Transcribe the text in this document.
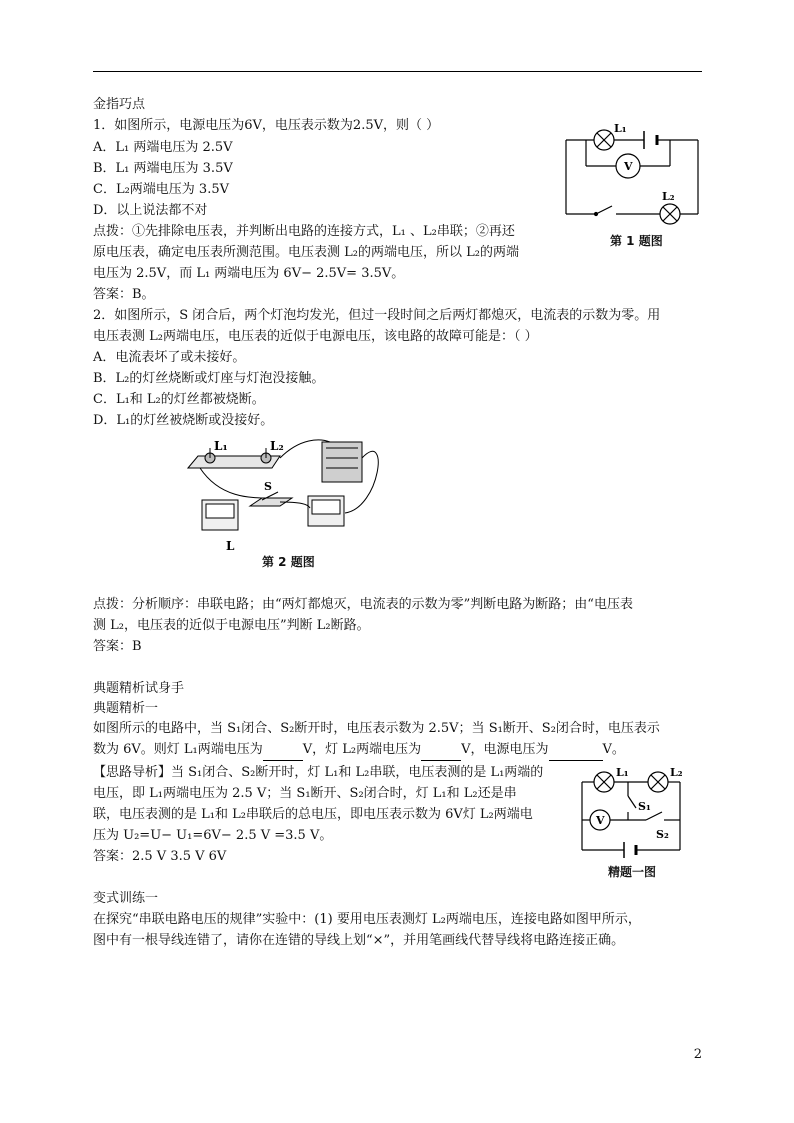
金指巧点
1．如图所示，电源电压为6V，电压表示数为2.5V，则（ ）
A．L₁ 两端电压为 2.5V
B．L₁ 两端电压为 3.5V
C．L₂两端电压为 3.5V
D．以上说法都不对
点拨：①先排除电压表，并判断出电路的连接方式，L₁ 、L₂串联；②再还
原电压表，确定电压表所测范围。电压表测 L₂的两端电压，所以 L₂的两端
电压为 2.5V，而 L₁ 两端电压为 6V− 2.5V= 3.5V。
答案：B。
L₁
V
L₂
第 1 题图
2．如图所示，S 闭合后，两个灯泡均发光，但过一段时间之后两灯都熄灭，电流表的示数为零。用
电压表测 L₂两端电压，电压表的近似于电源电压，该电路的故障可能是：（ ）
A．电流表坏了或未接好。
B．L₂的灯丝烧断或灯座与灯泡没接触。
C．L₁和 L₂的灯丝都被烧断。
D．L₁的灯丝被烧断或没接好。
L₁	L₂
S
L
第 2 题图
点拨：分析顺序：串联电路；由“两灯都熄灭，电流表的示数为零”判断电路为断路；由“电压表
测 L₂，电压表的近似于电源电压”判断 L₂断路。
答案：B
典题精析试身手
典题精析一
如图所示的电路中，当 S₁闭合、S₂断开时，电压表示数为 2.5V；当 S₁断开、S₂闭合时，电压表示
数为 6V。则灯 L₁两端电压为	V，灯 L₂两端电压为	V，电源电压为	V。
【思路导析】当 S₁闭合、S₂断开时，灯 L₁和 L₂串联，电压表测的是 L₁两端的
电压，即 L₁两端电压为 2.5 V；当 S₁断开、S₂闭合时，灯 L₁和 L₂还是串
联，电压表测的是 L₁和 L₂串联后的总电压，即电压表示数为 6V灯 L₂两端电
压为 U₂=U− U₁=6V− 2.5 V =3.5 V。
答案：2.5 V 3.5 V 6V
L₁	L₂
S₁
S₂
V
精题一图
变式训练一
在探究“串联电路电压的规律”实验中：(1) 要用电压表测灯 L₂两端电压，连接电路如图甲所示，
图中有一根导线连错了，请你在连错的导线上划“×”，并用笔画线代替导线将电路连接正确。
2
